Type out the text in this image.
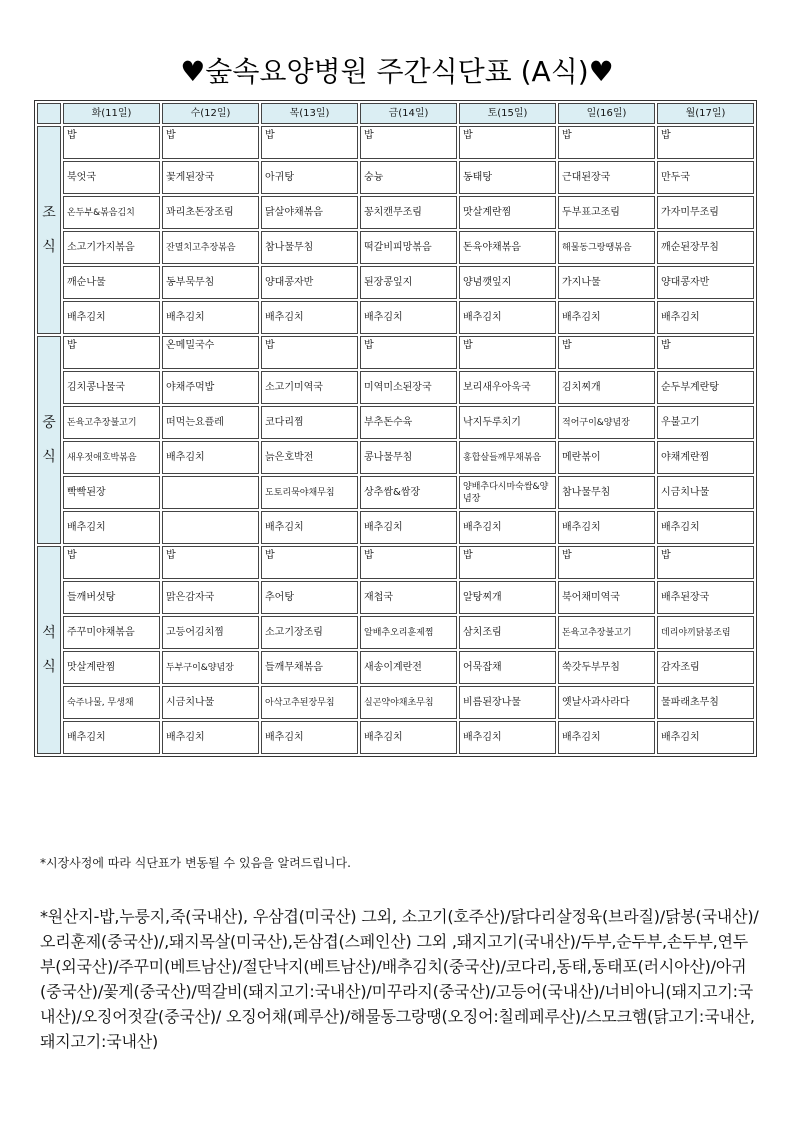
♥숲속요양병원 주간식단표 (A식)♥
	화(11일)	수(12일)	목(13일)	금(14일)	토(15일)	일(16일)	월(17일)

조
식	밥	밥	밥	밥	밥	밥	밥
	북엇국	꽃게된장국	아귀탕	숭늉	동태탕	근대된장국	만두국
	온두부&볶음김치	꽈리초돈장조림	닭살야채볶음	꽁치캔무조림	맛살계란찜	두부표고조림	가자미무조림
	소고기가지볶음	잔멸치고추장볶음	참나물무침	떡갈비피망볶음	돈육야채볶음	해물동그랑땡볶음	깨순된장무침
	깨순나물	동부묵무침	양대콩자반	된장콩잎지	양념깻잎지	가지나물	양대콩자반
	배추김치	배추김치	배추김치	배추김치	배추김치	배추김치	배추김치

중
식	밥	온메밀국수	밥	밥	밥	밥	밥
	김치콩나물국	야채주먹밥	소고기미역국	미역미소된장국	보리새우아욱국	김치찌개	순두부계란탕
	돈육고추장불고기	떠먹는요플레	코다리찜	부추돈수육	낙지두루치기	적어구이&양념장	우불고기
	새우젓애호박볶음	배추김치	늙은호박전	콩나물무침	홍합살들깨무채볶음	메란볶이	야채계란찜
	빡빡된장		도토리묵야채무침	상추쌈&쌈장	양배추다시마숙쌈&양념장	참나물무침	시금치나물
	배추김치		배추김치	배추김치	배추김치	배추김치	배추김치

석
식	밥	밥	밥	밥	밥	밥	밥
	들깨버섯탕	맑은감자국	추어탕	재첩국	알탕찌개	북어채미역국	배추된장국
	주꾸미야채볶음	고등어김치찜	소고기장조림	알배추오리훈제찜	삼치조림	돈육고추장불고기	데리야끼닭봉조림
	맛살계란찜	두부구이&양념장	들깨무채볶음	새송이계란전	어묵잡채	쑥갓두부무침	감자조림
	숙주나물, 무생채	시금치나물	아삭고추된장무침	실곤약야채초무침	비름된장나물	옛날사과사라다	물파래초무침
	배추김치	배추김치	배추김치	배추김치	배추김치	배추김치	배추김치
*시장사정에 따라 식단표가 변동될 수 있음을 알려드립니다.
*원산지-밥,누룽지,죽(국내산), 우삼겹(미국산) 그외, 소고기(호주산)/닭다리살정육(브라질)/닭봉(국내산)/오리훈제(중국산)/,돼지목살(미국산),돈삼겹(스페인산) 그외 ,돼지고기(국내산)/두부,순두부,손두부,연두부(외국산)/주꾸미(베트남산)/절단낙지(베트남산)/배추김치(중국산)/코다리,동태,동태포(러시아산)/아귀(중국산)/꽃게(중국산)/떡갈비(돼지고기:국내산)/미꾸라지(중국산)/고등어(국내산)/너비아니(돼지고기:국내산)/오징어젓갈(중국산)/ 오징어채(페루산)/해물동그랑땡(오징어:칠레페루산)/스모크햄(닭고기:국내산,돼지고기:국내산)
